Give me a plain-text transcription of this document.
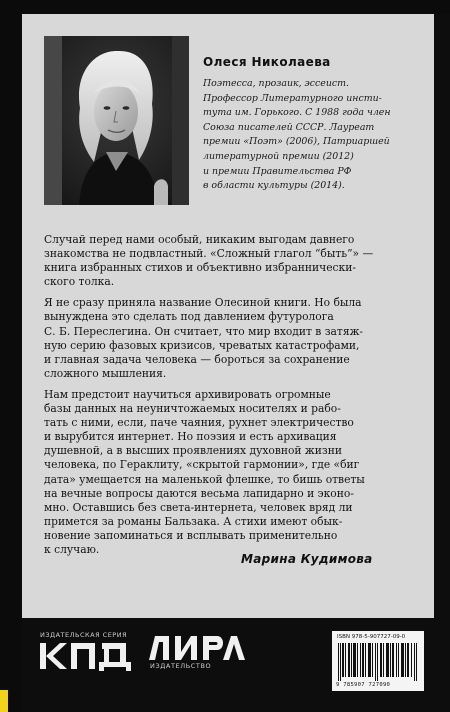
Олеся Николаева
Поэтесса, прозаик, эссеист.
Профессор Литературного инсти-
тута им. Горького. С 1988 года член
Союза писателей СССР. Лауреат
премии «Поэт» (2006), Патриаршей
литературной премии (2012)
и премии Правительства РФ
в области культуры (2014).
Случай перед нами особый, никаким выгодам давнего
знакомства не подвластный. «Сложный глагол “быть”» —
книга избранных стихов и объективно избраннически-
ского толка.
Я не сразу приняла название Олесиной книги. Но была
вынуждена это сделать под давлением футуролога
С. Б. Переслегина. Он считает, что мир входит в затяж-
ную серию фазовых кризисов, чреватых катастрофами,
и главная задача человека — бороться за сохранение
сложного мышления.
Нам предстоит научиться архивировать огромные
базы данных на неуничтожаемых носителях и рабо-
тать с ними, если, паче чаяния, рухнет электричество
и вырубится интернет. Но поэзия и есть архивация
душевной, а в высших проявлениях духовной жизни
человека, по Гераклиту, «скрытой гармонии», где «биг
дата» умещается на маленькой флешке, то бишь ответы
на вечные вопросы даются весьма лапидарно и эконо-
мно. Оставшись без света-интернета, человек вряд ли
примется за романы Бальзака. А стихи имеют обык-
новение запоминаться и всплывать применительно
к случаю.
Марина Кудимова
ИЗДАТЕЛЬСКАЯ СЕРИЯ
ИЗДАТЕЛЬСТВО
ISBN 978-5-907727-09-0
9 785907 727090
